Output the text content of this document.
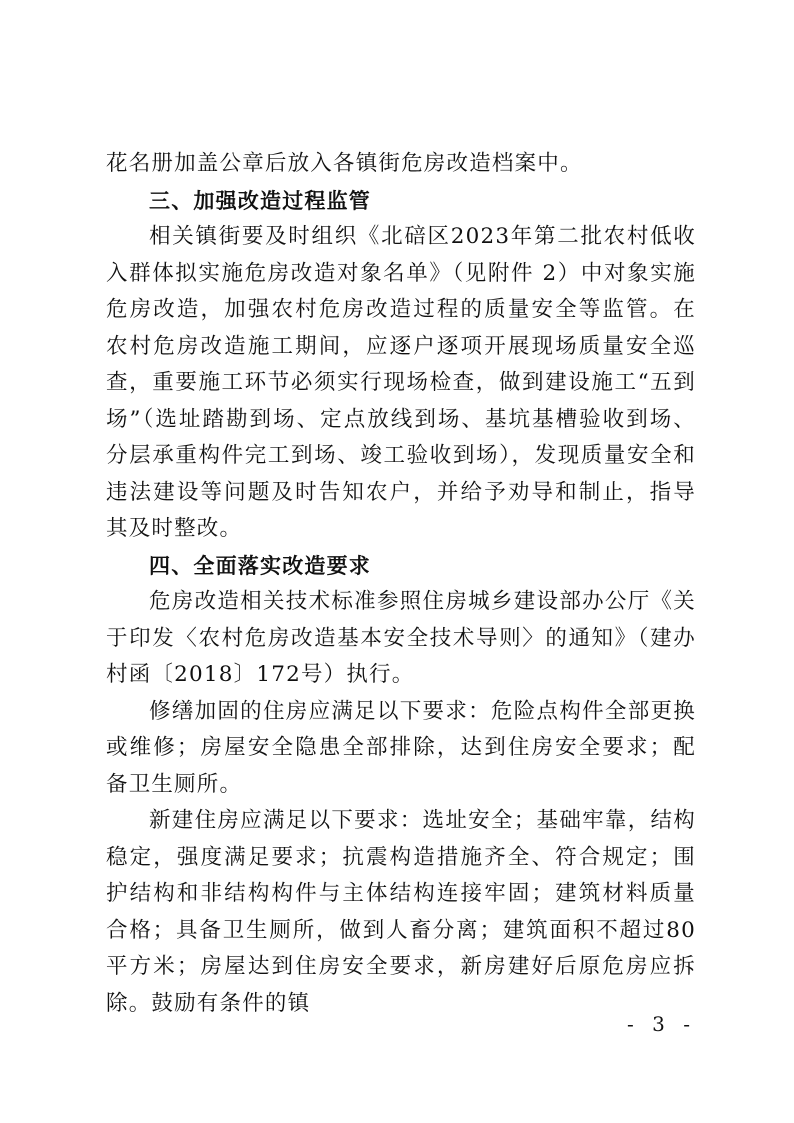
花名册加盖公章后放入各镇街危房改造档案中。

三、加强改造过程监管

相关镇街要及时组织《北碚区2023年第二批农村低收入群体拟实施危房改造对象名单》（见附件 2）中对象实施危房改造，加强农村危房改造过程的质量安全等监管。在农村危房改造施工期间，应逐户逐项开展现场质量安全巡查，重要施工环节必须实行现场检查，做到建设施工“五到场”（选址踏勘到场、定点放线到场、基坑基槽验收到场、分层承重构件完工到场、竣工验收到场），发现质量安全和违法建设等问题及时告知农户，并给予劝导和制止，指导其及时整改。

四、全面落实改造要求

危房改造相关技术标准参照住房城乡建设部办公厅《关于印发〈农村危房改造基本安全技术导则〉的通知》（建办村函〔2018〕172号）执行。

修缮加固的住房应满足以下要求：危险点构件全部更换或维修；房屋安全隐患全部排除，达到住房安全要求；配备卫生厕所。

新建住房应满足以下要求：选址安全；基础牢靠，结构稳定，强度满足要求；抗震构造措施齐全、符合规定；围护结构和非结构构件与主体结构连接牢固；建筑材料质量合格；具备卫生厕所，做到人畜分离；建筑面积不超过80平方米；房屋达到住房安全要求，新房建好后原危房应拆除。鼓励有条件的镇

- 3 -
